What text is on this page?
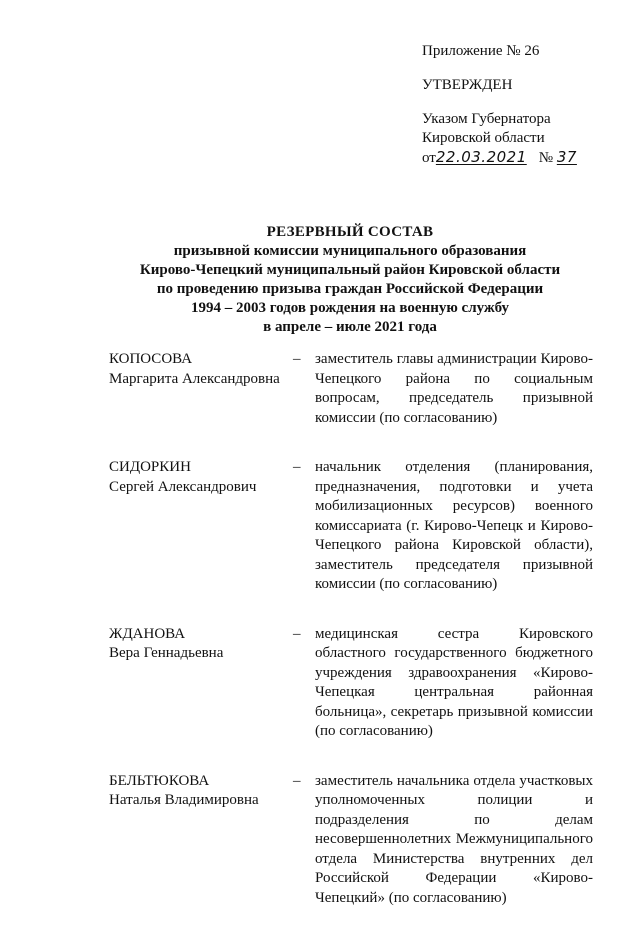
Приложение № 26
УТВЕРЖДЕН
Указом Губернатора
Кировской области
от22.03.2021 № 37
РЕЗЕРВНЫЙ СОСТАВ
призывной комиссии муниципального образования
Кирово-Чепецкий муниципальный район Кировской области
по проведению призыва граждан Российской Федерации
1994 – 2003 годов рождения на военную службу
в апреле – июле 2021 года
КОПОСОВА
Маргарита Александровна
– заместитель главы администрации Кирово-Чепецкого района по социальным вопросам, председатель призывной комиссии (по согласованию)
СИДОРКИН
Сергей Александрович
– начальник отделения (планирования, предназначения, подготовки и учета мобилизационных ресурсов) военного комиссариата (г. Кирово-Чепецк и Кирово-Чепецкого района Кировской области), заместитель председателя призывной комиссии (по согласованию)
ЖДАНОВА
Вера Геннадьевна
– медицинская сестра Кировского областного государственного бюджетного учреждения здравоохранения «Кирово-Чепецкая центральная районная больница», секретарь призывной комиссии (по согласованию)
БЕЛЬТЮКОВА
Наталья Владимировна
– заместитель начальника отдела участковых уполномоченных полиции и подразделения по делам несовершеннолетних Межмуниципального отдела Министерства внутренних дел Российской Федерации «Кирово-Чепецкий» (по согласованию)
